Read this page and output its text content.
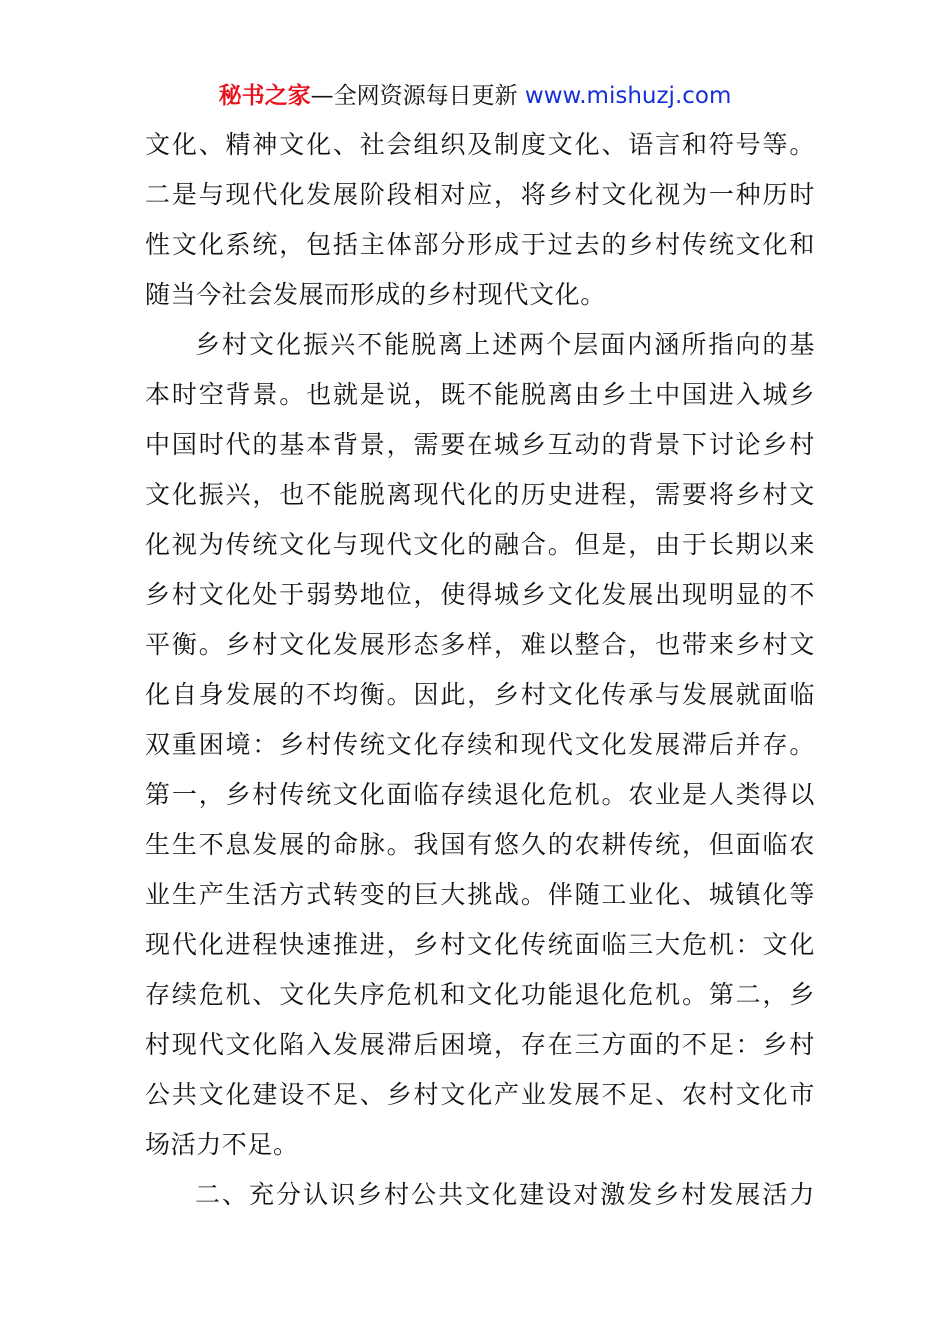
秘书之家—全网资源每日更新 www.mishuzj.com
文化、精神文化、社会组织及制度文化、语言和符号等。
二是与现代化发展阶段相对应，将乡村文化视为一种历时
性文化系统，包括主体部分形成于过去的乡村传统文化和
随当今社会发展而形成的乡村现代文化。
乡村文化振兴不能脱离上述两个层面内涵所指向的基
本时空背景。也就是说，既不能脱离由乡土中国进入城乡
中国时代的基本背景，需要在城乡互动的背景下讨论乡村
文化振兴，也不能脱离现代化的历史进程，需要将乡村文
化视为传统文化与现代文化的融合。但是，由于长期以来
乡村文化处于弱势地位，使得城乡文化发展出现明显的不
平衡。乡村文化发展形态多样，难以整合，也带来乡村文
化自身发展的不均衡。因此，乡村文化传承与发展就面临
双重困境：乡村传统文化存续和现代文化发展滞后并存。
第一，乡村传统文化面临存续退化危机。农业是人类得以
生生不息发展的命脉。我国有悠久的农耕传统，但面临农
业生产生活方式转变的巨大挑战。伴随工业化、城镇化等
现代化进程快速推进，乡村文化传统面临三大危机：文化
存续危机、文化失序危机和文化功能退化危机。第二，乡
村现代文化陷入发展滞后困境，存在三方面的不足：乡村
公共文化建设不足、乡村文化产业发展不足、农村文化市
场活力不足。
二、充分认识乡村公共文化建设对激发乡村发展活力
